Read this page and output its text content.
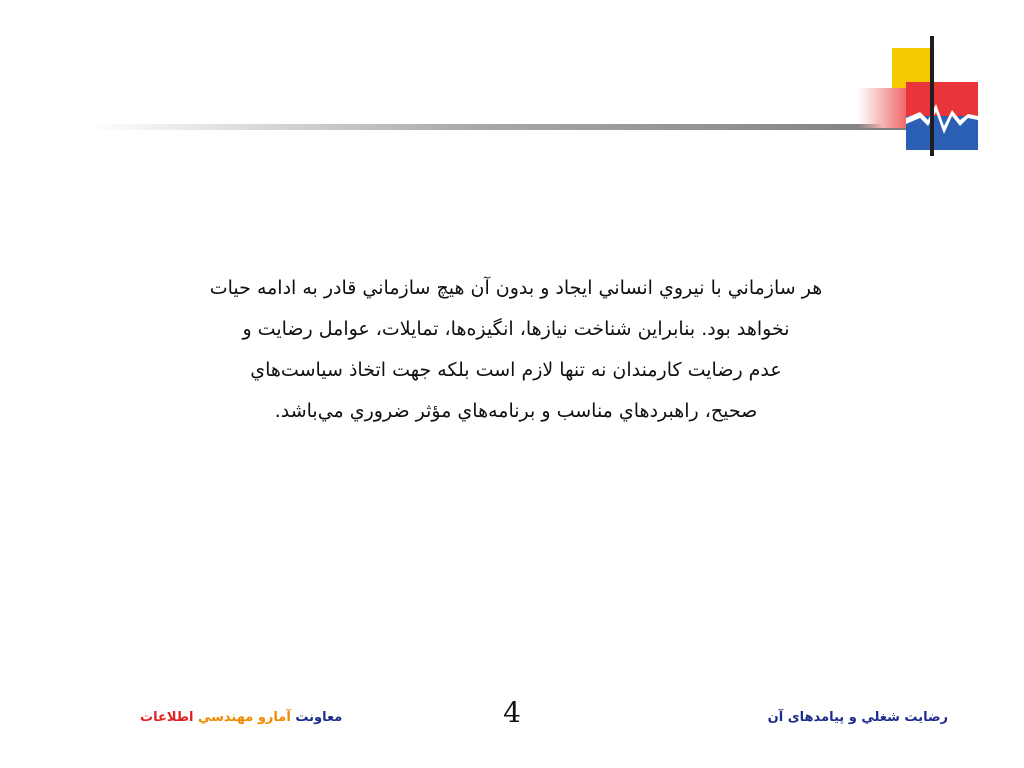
هر سازماني با نيروي انساني ايجاد و بدون آن هيچ سازماني قادر به ادامه حيات
نخواهد بود. بنابراين شناخت نيازها، انگيزه‌ها، تمايلات، عوامل رضايت و
عدم رضايت كارمندان نه تنها لازم است بلكه جهت اتخاذ سياست‌هاي
صحيح، راهبردهاي مناسب و برنامه‌هاي مؤثر ضروري مي‌باشد.
معاونت آمارو مهندسي اطلاعات	4	رضايت شغلي و پيامدهاى آن
